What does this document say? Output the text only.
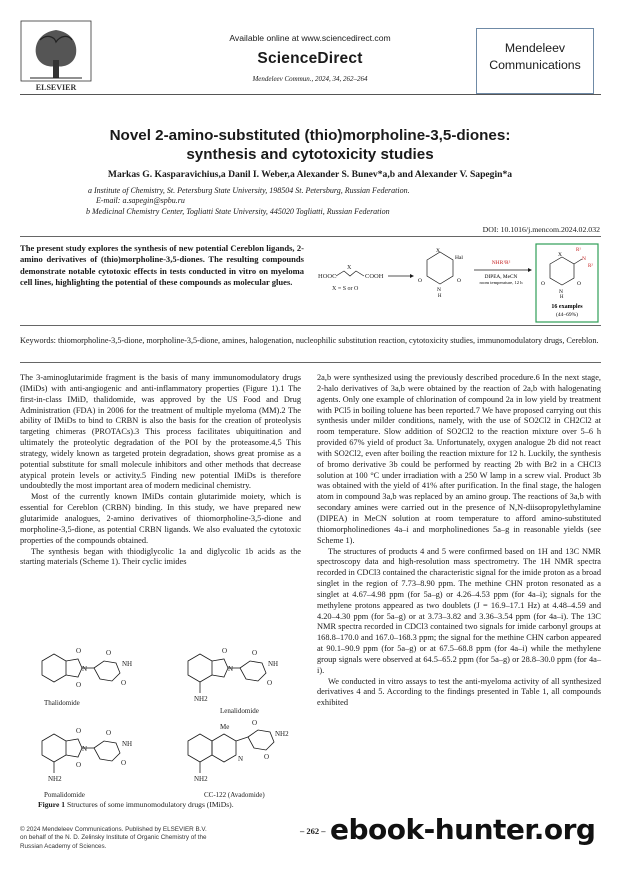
ELSEVIER
Available online at www.sciencedirect.com
ScienceDirect
Mendeleev Commun., 2024, 34, 262–264
Mendeleev
Communications
Novel 2-amino-substituted (thio)morpholine-3,5-diones:
synthesis and cytotoxicity studies
Markas G. Kasparavichius,a Danil I. Weber,a Alexander S. Bunev*a,b and Alexander V. Sapegin*a
a Institute of Chemistry, St. Petersburg State University, 198504 St. Petersburg, Russian Federation.
E-mail: a.sapegin@spbu.ru
b Medicinal Chemistry Center, Togliatti State University, 445020 Togliatti, Russian Federation
DOI: 10.1016/j.mencom.2024.02.032
The present study explores the synthesis of new potential Cereblon ligands, 2-amino derivatives of (thio)morpholine-3,5-diones. The resulting compounds demonstrate notable cytotoxic effects in tests conducted in vitro on myeloma cell lines, highlighting the potential of these compounds as molecular glues.
HOOC
X
COOH
X = S or O
X
Hal
O	O
N
H
NHR¹R²
DIPEA, MeCN
room temperature, 12 h
X
N
R¹
R²
O	O
N
H
16 examples
(44–69%)
Keywords: thiomorpholine-3,5-dione, morpholine-3,5-dione, amines, halogenation, nucleophilic substitution reaction, cytotoxicity studies, immunomodulatory drugs, Cereblon.

The 3-aminoglutarimide fragment is the basis of many immunomodulatory drugs (IMiDs) with anti-angiogenic and anti-inflammatory properties (Figure 1).1 The first-in-class IMiD, thalidomide, was approved by the US Food and Drug Administration (FDA) in 2006 for the treatment of multiple myeloma (MM).2 The ability of IMiDs to bind to CRBN is also the basis for the creation of proteolysis targeting chimeras (PROTACs).3 This process facilitates ubiquitination and ultimately the proteolytic degradation of the POI by the proteasome.4,5 This strategy, widely known as targeted protein degradation, shows great promise as a potential substitute for small molecule inhibitors and other methods that decrease atypical protein levels or activity.5 Finding new potential IMiDs is therefore undoubtedly the most important area of modern medicinal chemistry.

Most of the currently known IMiDs contain glutarimide moiety, which is essential for Cereblon (CRBN) binding. In this study, we have prepared new glutarimide analogues, 2-amino derivatives of thiomorpholine-3,5-dione and morpholine-3,5-dione, as potential CRBN ligands. We also evaluated the cytotoxic properties of the compounds obtained.

The synthesis began with thiodiglycolic 1a and diglycolic 1b acids as the starting materials (Scheme 1). Their cyclic imides

2a,b were synthesized using the previously described procedure.6 In the next stage, 2-halo derivatives of 3a,b were obtained by the reaction of 2a,b with halogenating agents. Only one example of chlorination of compound 2a in low yield by treatment with PCl5 in boiling toluene has been reported.7 We have proposed carrying out this synthesis under milder conditions, namely, with the use of SO2Cl2 in CH2Cl2 at room temperature. Slow addition of SO2Cl2 to the reaction mixture over 5–6 h provided 67% yield of product 3a. Unfortunately, oxygen analogue 2b did not react with SO2Cl2, even after boiling the reaction mixture for 12 h. Luckily, the synthesis of bromo derivative 3b could be performed by reacting 2b with Br2 in a CHCl3 solution at 100 °C under irradiation with a 250 W lamp in a screw vial. Product 3b was obtained with the yield of 41% after purification. In the final stage, the halogen atom in compound 3a,b was replaced by an amino group. The reactions of 3a,b with secondary amines were carried out in the presence of N,N-diisopropylethylamine (DIPEA) in MeCN solution at room temperature to afford amino-substituted thiomorpholinediones 4a–i and morpholinediones 5a–g in reasonable yields (see Scheme 1).

The structures of products 4 and 5 were confirmed based on 1H and 13C NMR spectroscopy data and high-resolution mass spectrometry. The 1H NMR spectra recorded in CDCl3 contained the characteristic signal for the imide proton as a broad singlet in the region of 7.73–8.90 ppm. The methine CHN proton resonated as a singlet at 4.67–4.98 ppm (for 5a–g) or 4.26–4.53 ppm (for 4a–i); signals for the methylene protons appeared as two doublets (J = 16.9–17.1 Hz) at 4.48–4.59 and 4.20–4.30 ppm (for 5a–g) or at 3.73–3.82 and 3.36–3.54 ppm (for 4a–i). The 13C NMR spectra recorded in CDCl3 contained two signals for imide carbonyl groups at 168.8–170.0 and 167.0–168.3 ppm; the signal for the methine CHN carbon appeared at 90.1–90.9 ppm (for 5a–g) or at 67.5–68.8 ppm (for 4a–i) while the methylene group signals were observed at 64.5–65.2 ppm (for 5a–g) or 28.8–30.0 ppm (for 4a–i).

We conducted in vitro assays to test the anti-myeloma activity of all synthesized derivatives 4 and 5. According to the findings presented in Table 1, all compounds exhibited

O
O
N
O
NH
O
Thalidomide
O
N
O
NH
O
NH2
Lenalidomide
O
O
N
O
NH
O
NH2
Pomalidomide
Me
N
O
NH2
O
NH2
CC-122 (Avadomide)
Figure 1 Structures of some immunomodulatory drugs (IMiDs).
© 2024 Mendeleev Communications. Published by ELSEVIER B.V.
on behalf of the N. D. Zelinsky Institute of Organic Chemistry of the
Russian Academy of Sciences.
– 262 – ebook-hunter.org
